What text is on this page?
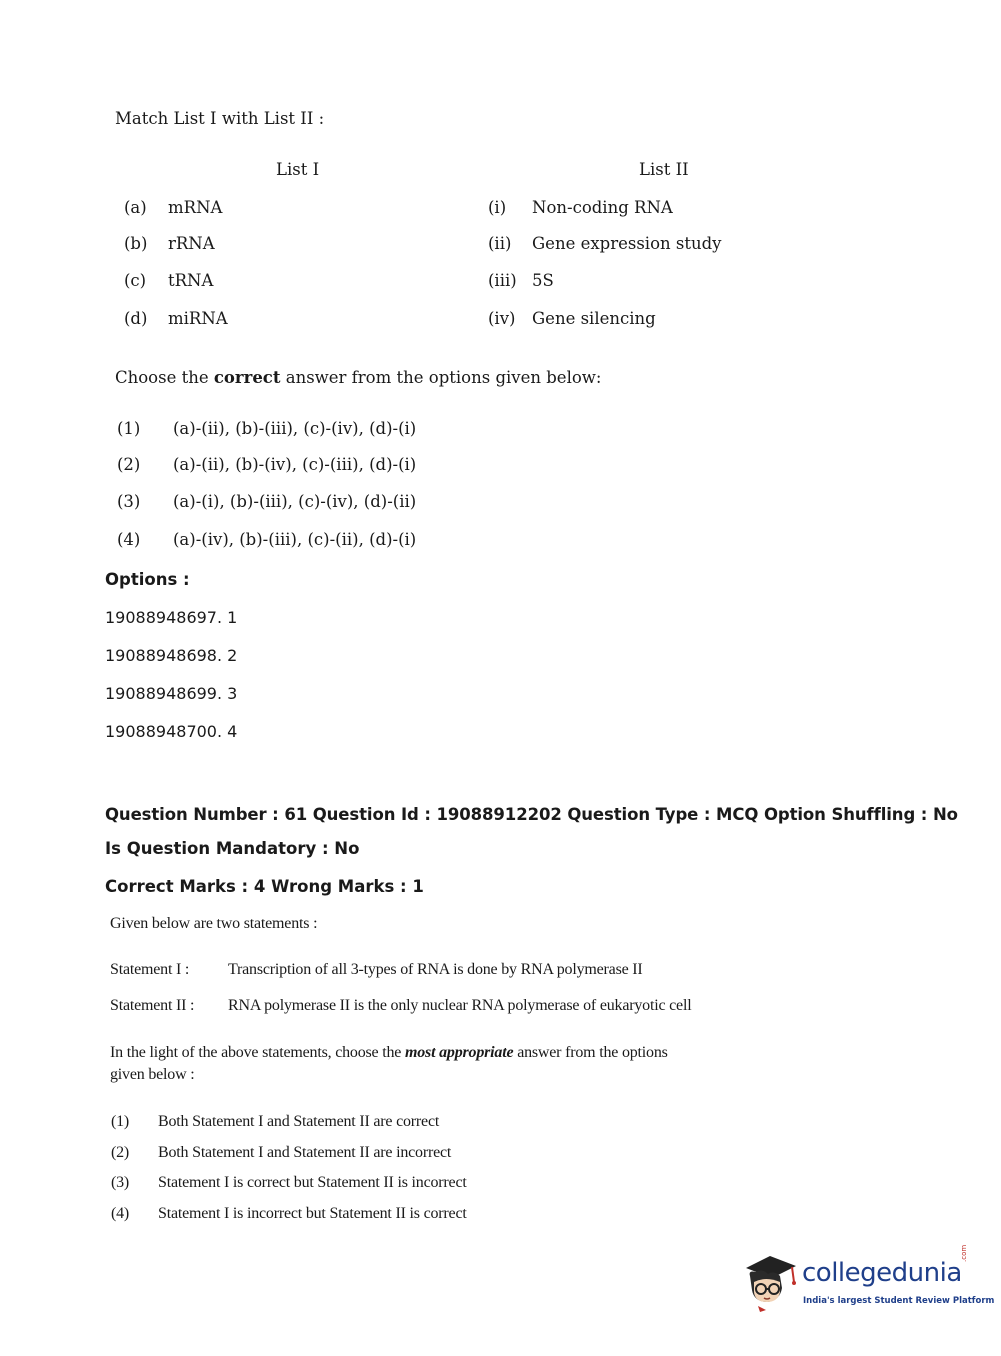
Match List I with List II :
List I	List II
(a) mRNA
(b) rRNA
(c) tRNA
(d) miRNA
(i) Non-coding RNA
(ii) Gene expression study
(iii) 5S
(iv) Gene silencing
Choose the correct answer from the options given below:
(1) (a)-(ii), (b)-(iii), (c)-(iv), (d)-(i)
(2) (a)-(ii), (b)-(iv), (c)-(iii), (d)-(i)
(3) (a)-(i), (b)-(iii), (c)-(iv), (d)-(ii)
(4) (a)-(iv), (b)-(iii), (c)-(ii), (d)-(i)
Options :
19088948697. 1
19088948698. 2
19088948699. 3
19088948700. 4
Question Number : 61 Question Id : 19088912202 Question Type : MCQ Option Shuffling : No
Is Question Mandatory : No
Correct Marks : 4 Wrong Marks : 1
Given below are two statements :
Statement I : Transcription of all 3-types of RNA is done by RNA polymerase II
Statement II : RNA polymerase II is the only nuclear RNA polymerase of eukaryotic cell
In the light of the above statements, choose the most appropriate answer from the options
given below :
(1) Both Statement I and Statement II are correct
(2) Both Statement I and Statement II are incorrect
(3) Statement I is correct but Statement II is incorrect
(4) Statement I is incorrect but Statement II is correct
collegedunia
.com
India's largest Student Review Platform
